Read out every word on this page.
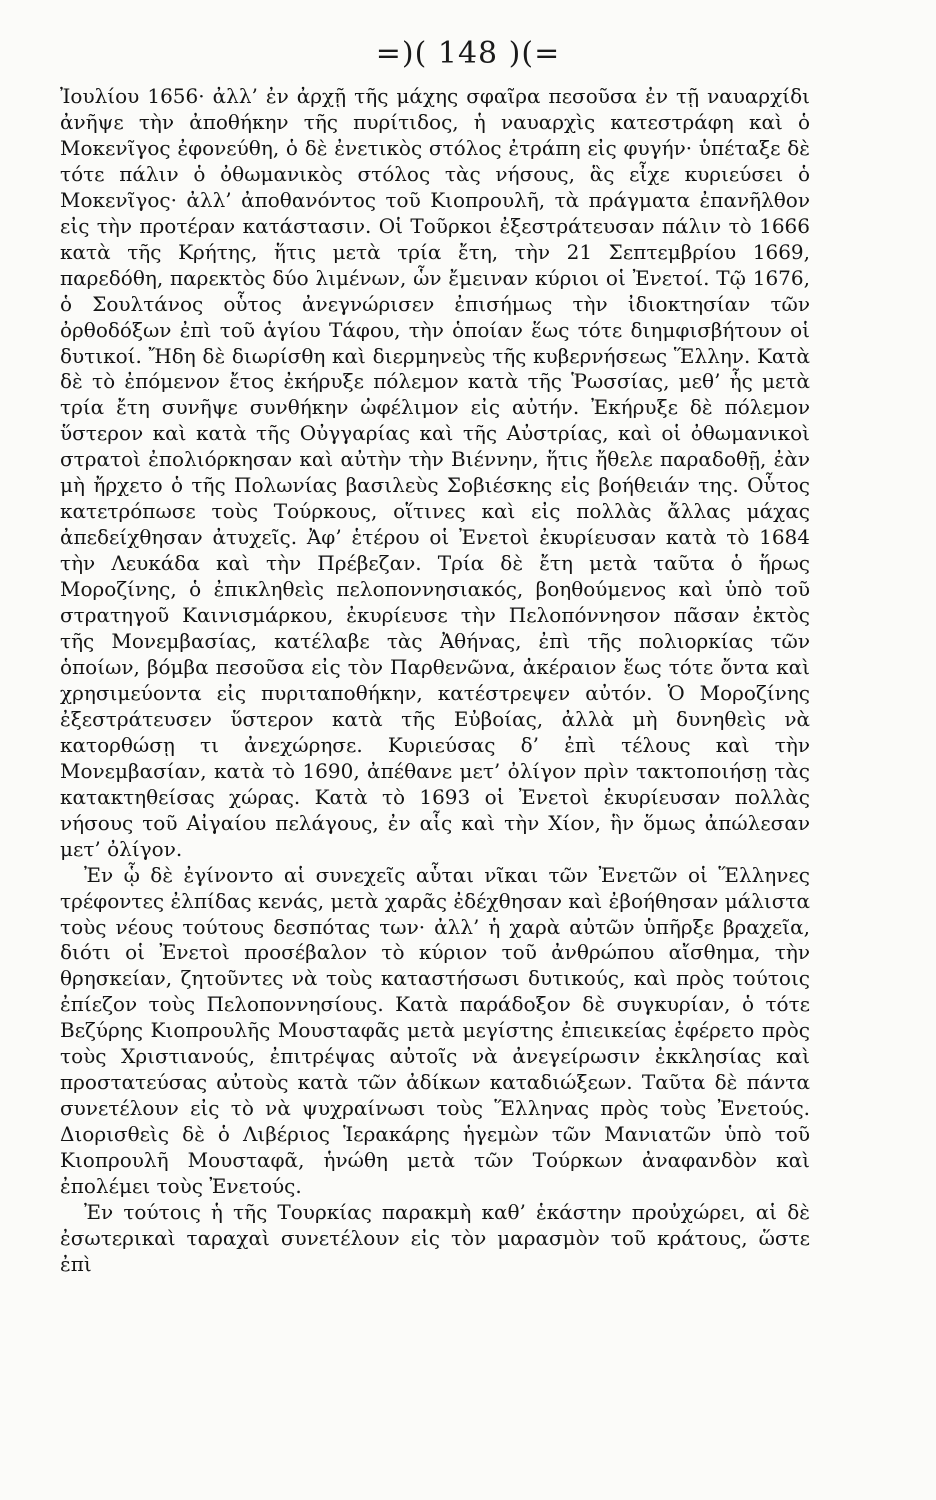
=)( 148 )(=

Ἰουλίου 1656· ἀλλ’ ἐν ἀρχῇ τῆς μάχης σφαῖρα πεσοῦσα ἐν τῇ ναυαρχίδι ἀνῆψε τὴν ἀποθήκην τῆς πυρίτιδος, ἡ ναυαρχὶς κατεστράφη καὶ ὁ Μοκενῖγος ἐφονεύθη, ὁ δὲ ἐνετικὸς στόλος ἐτράπη εἰς φυγήν· ὑπέταξε δὲ τότε πάλιν ὁ ὀθωμανικὸς στόλος τὰς νήσους, ἃς εἶχε κυριεύσει ὁ Μοκενῖγος· ἀλλ’ ἀποθανόντος τοῦ Κιοπρουλῆ, τὰ πράγματα ἐπανῆλθον εἰς τὴν προτέραν κατάστασιν. Οἱ Τοῦρκοι ἐξεστράτευσαν πάλιν τὸ 1666 κατὰ τῆς Κρήτης, ἥτις μετὰ τρία ἔτη, τὴν 21 Σεπτεμβρίου 1669, παρεδόθη, παρεκτὸς δύο λιμένων, ὧν ἔμειναν κύριοι οἱ Ἐνετοί. Τῷ 1676, ὁ Σουλτάνος οὗτος ἀνεγνώρισεν ἐπισήμως τὴν ἰδιοκτησίαν τῶν ὀρθοδόξων ἐπὶ τοῦ ἁγίου Τάφου, τὴν ὁποίαν ἕως τότε διημφισβήτουν οἱ δυτικοί. Ἤδη δὲ διωρίσθη καὶ διερμηνεὺς τῆς κυβερνήσεως Ἕλλην. Κατὰ δὲ τὸ ἐπόμενον ἔτος ἐκήρυξε πόλεμον κατὰ τῆς Ῥωσσίας, μεθ’ ἧς μετὰ τρία ἔτη συνῆψε συνθήκην ὠφέλιμον εἰς αὐτήν. Ἐκήρυξε δὲ πόλεμον ὕστερον καὶ κατὰ τῆς Οὐγγαρίας καὶ τῆς Αὐστρίας, καὶ οἱ ὀθωμανικοὶ στρατοὶ ἐπολιόρκησαν καὶ αὐτὴν τὴν Βιέννην, ἥτις ἤθελε παραδοθῇ, ἐὰν μὴ ἤρχετο ὁ τῆς Πολωνίας βασιλεὺς Σοβιέσκης εἰς βοήθειάν της. Οὗτος κατετρόπωσε τοὺς Τούρκους, οἵτινες καὶ εἰς πολλὰς ἄλλας μάχας ἀπεδείχθησαν ἀτυχεῖς. Ἀφ’ ἑτέρου οἱ Ἐνετοὶ ἐκυρίευσαν κατὰ τὸ 1684 τὴν Λευκάδα καὶ τὴν Πρέβεζαν. Τρία δὲ ἔτη μετὰ ταῦτα ὁ ἥρως Μοροζίνης, ὁ ἐπικληθεὶς πελοποννησιακός, βοηθούμενος καὶ ὑπὸ τοῦ στρατηγοῦ Καινισμάρκου, ἐκυρίευσε τὴν Πελοπόννησον πᾶσαν ἐκτὸς τῆς Μονεμβασίας, κατέλαβε τὰς Ἀθήνας, ἐπὶ τῆς πολιορκίας τῶν ὁποίων, βόμβα πεσοῦσα εἰς τὸν Παρθενῶνα, ἀκέραιον ἕως τότε ὄντα καὶ χρησιμεύοντα εἰς πυριταποθήκην, κατέστρεψεν αὐτόν. Ὁ Μοροζίνης ἐξεστράτευσεν ὕστερον κατὰ τῆς Εὐβοίας, ἀλλὰ μὴ δυνηθεὶς νὰ κατορθώσῃ τι ἀνεχώρησε. Κυριεύσας δ’ ἐπὶ τέλους καὶ τὴν Μονεμβασίαν, κατὰ τὸ 1690, ἀπέθανε μετ’ ὀλίγον πρὶν τακτοποιήσῃ τὰς κατακτηθείσας χώρας. Κατὰ τὸ 1693 οἱ Ἐνετοὶ ἐκυρίευσαν πολλὰς νήσους τοῦ Αἰγαίου πελάγους, ἐν αἷς καὶ τὴν Χίον, ἣν ὅμως ἀπώλεσαν μετ’ ὀλίγον.

Ἐν ᾧ δὲ ἐγίνοντο αἱ συνεχεῖς αὗται νῖκαι τῶν Ἐνετῶν οἱ Ἕλληνες τρέφοντες ἐλπίδας κενάς, μετὰ χαρᾶς ἐδέχθησαν καὶ ἐβοήθησαν μάλιστα τοὺς νέους τούτους δεσπότας των· ἀλλ’ ἡ χαρὰ αὐτῶν ὑπῆρξε βραχεῖα, διότι οἱ Ἐνετοὶ προσέβαλον τὸ κύριον τοῦ ἀνθρώπου αἴσθημα, τὴν θρησκείαν, ζητοῦντες νὰ τοὺς καταστήσωσι δυτικούς, καὶ πρὸς τούτοις ἐπίεζον τοὺς Πελοποννησίους. Κατὰ παράδοξον δὲ συγκυρίαν, ὁ τότε Βεζύρης Κιοπρουλῆς Μουσταφᾶς μετὰ μεγίστης ἐπιεικείας ἐφέρετο πρὸς τοὺς Χριστιανούς, ἐπιτρέψας αὐτοῖς νὰ ἀνεγείρωσιν ἐκκλησίας καὶ προστατεύσας αὐτοὺς κατὰ τῶν ἀδίκων καταδιώξεων. Ταῦτα δὲ πάντα συνετέλουν εἰς τὸ νὰ ψυχραίνωσι τοὺς Ἕλληνας πρὸς τοὺς Ἐνετούς. Διορισθεὶς δὲ ὁ Λιβέριος Ἱερακάρης ἡγεμὼν τῶν Μανιατῶν ὑπὸ τοῦ Κιοπρουλῆ Μουσταφᾶ, ἡνώθη μετὰ τῶν Τούρκων ἀναφανδὸν καὶ ἐπολέμει τοὺς Ἐνετούς.

Ἐν τούτοις ἡ τῆς Τουρκίας παρακμὴ καθ’ ἑκάστην προὐχώρει, αἱ δὲ ἐσωτερικαὶ ταραχαὶ συνετέλουν εἰς τὸν μαρασμὸν τοῦ κράτους, ὥστε ἐπὶ
